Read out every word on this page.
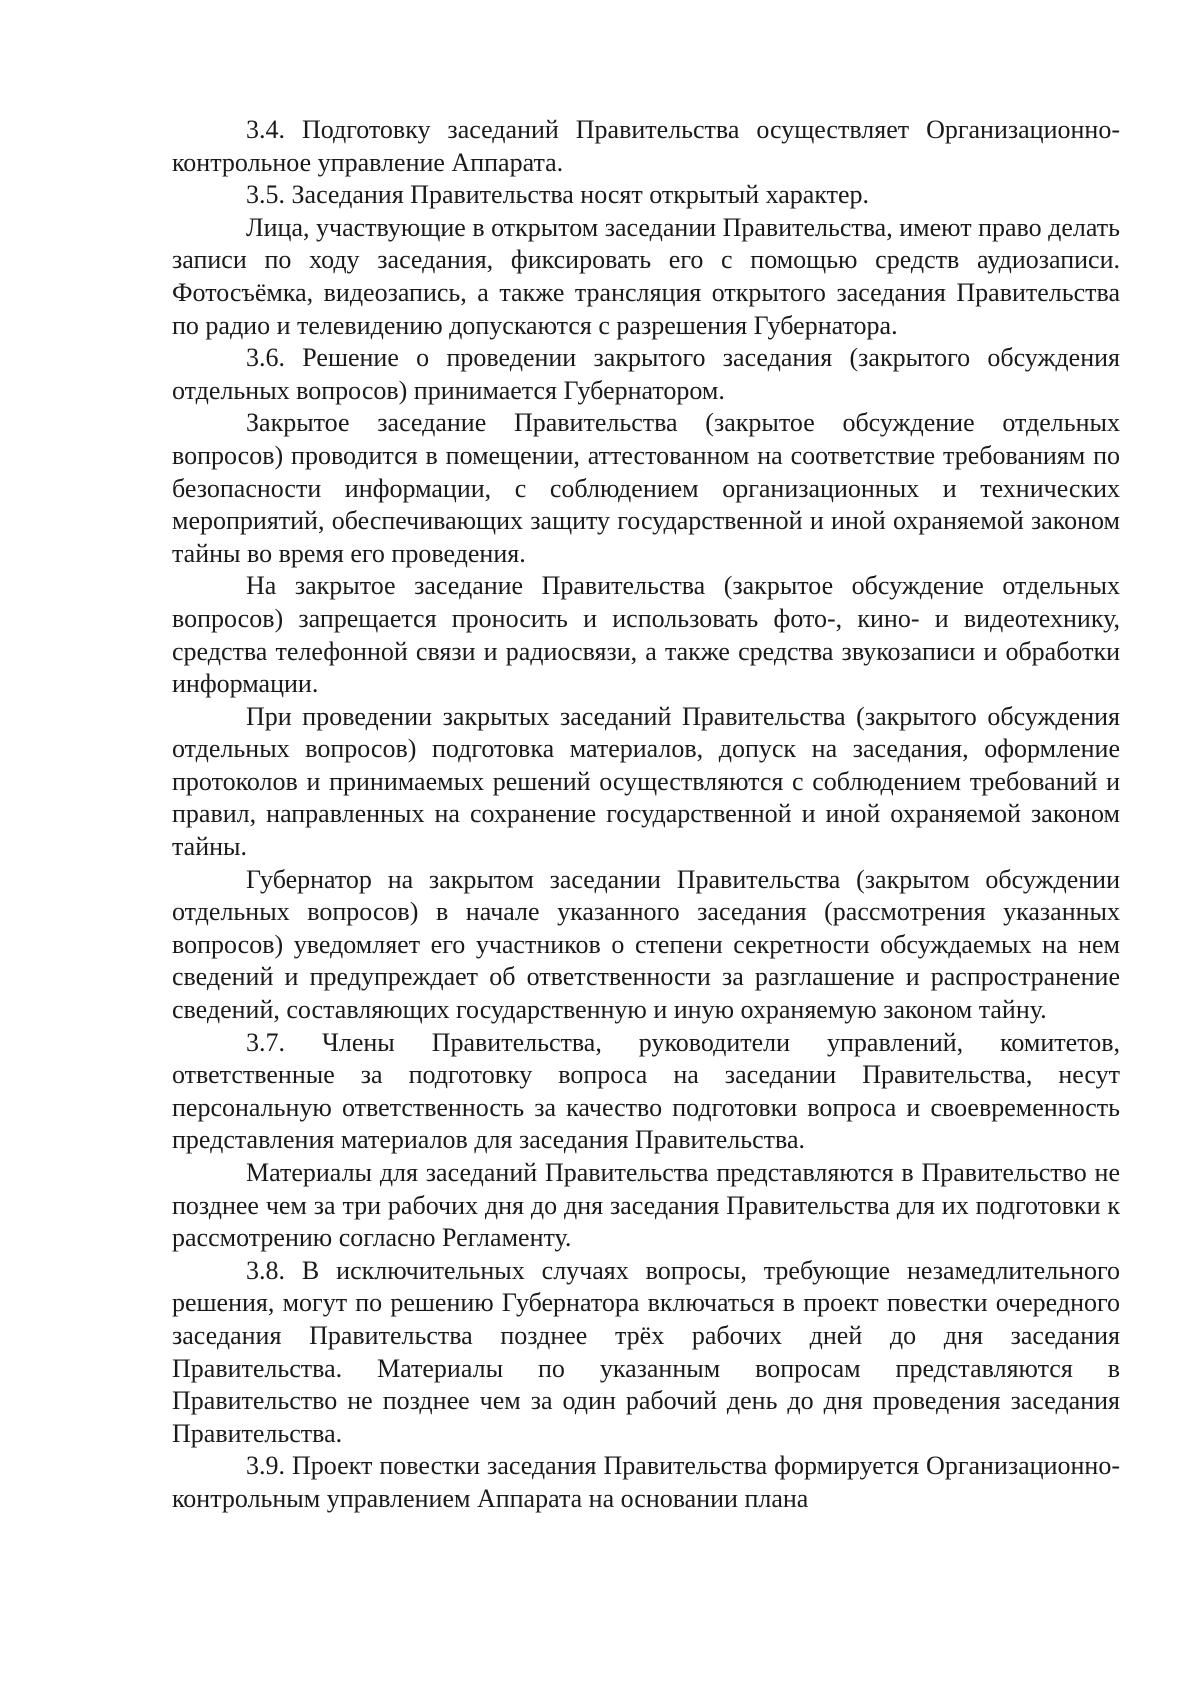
3.4. Подготовку заседаний Правительства осуществляет Организационно-контрольное управление Аппарата.

3.5. Заседания Правительства носят открытый характер.

Лица, участвующие в открытом заседании Правительства, имеют право делать записи по ходу заседания, фиксировать его с помощью средств аудиозаписи. Фотосъёмка, видеозапись, а также трансляция открытого заседания Правительства по радио и телевидению допускаются с разрешения Губернатора.

3.6. Решение о проведении закрытого заседания (закрытого обсуждения отдельных вопросов) принимается Губернатором.

Закрытое заседание Правительства (закрытое обсуждение отдельных вопросов) проводится в помещении, аттестованном на соответствие требованиям по безопасности информации, с соблюдением организационных и технических мероприятий, обеспечивающих защиту государственной и иной охраняемой законом тайны во время его проведения.

На закрытое заседание Правительства (закрытое обсуждение отдельных вопросов) запрещается проносить и использовать фото-, кино- и видеотехнику, средства телефонной связи и радиосвязи, а также средства звукозаписи и обработки информации.

При проведении закрытых заседаний Правительства (закрытого обсуждения отдельных вопросов) подготовка материалов, допуск на заседания, оформление протоколов и принимаемых решений осуществляются с соблюдением требований и правил, направленных на сохранение государственной и иной охраняемой законом тайны.

Губернатор на закрытом заседании Правительства (закрытом обсуждении отдельных вопросов) в начале указанного заседания (рассмотрения указанных вопросов) уведомляет его участников о степени секретности обсуждаемых на нем сведений и предупреждает об ответственности за разглашение и распространение сведений, составляющих государственную и иную охраняемую законом тайну.

3.7. Члены Правительства, руководители управлений, комитетов, ответственные за подготовку вопроса на заседании Правительства, несут персональную ответственность за качество подготовки вопроса и своевременность представления материалов для заседания Правительства.

Материалы для заседаний Правительства представляются в Правительство не позднее чем за три рабочих дня до дня заседания Правительства для их подготовки к рассмотрению согласно Регламенту.

3.8. В исключительных случаях вопросы, требующие незамедлительного решения, могут по решению Губернатора включаться в проект повестки очередного заседания Правительства позднее трёх рабочих дней до дня заседания Правительства. Материалы по указанным вопросам представляются в Правительство не позднее чем за один рабочий день до дня проведения заседания Правительства.

3.9. Проект повестки заседания Правительства формируется Организационно-контрольным управлением Аппарата на основании плана
